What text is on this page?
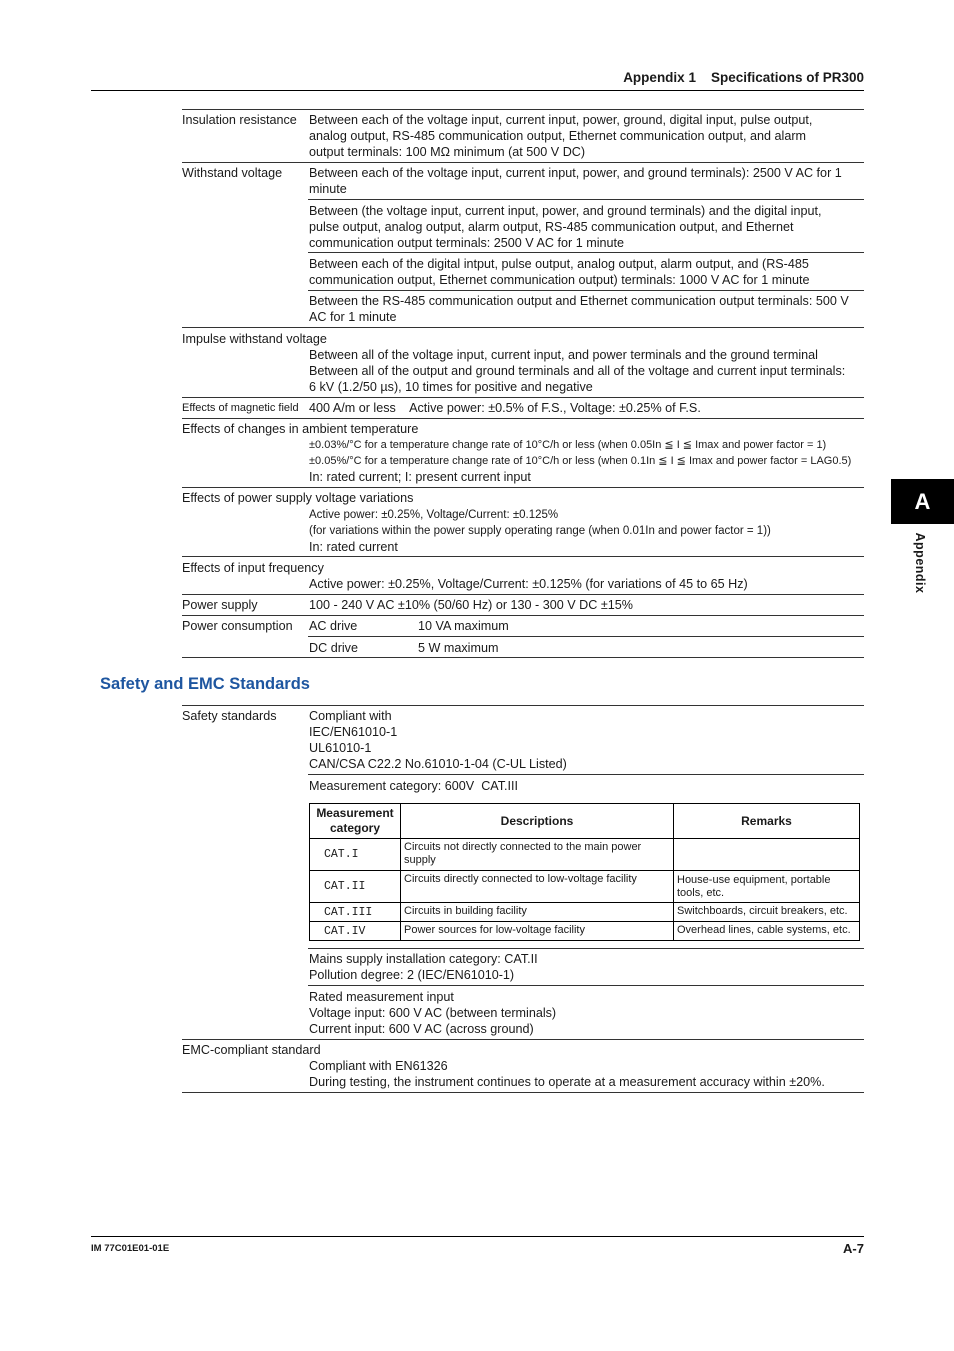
Appendix 1    Specifications of PR300
A
Appendix
Insulation resistance Between each of the voltage input, current input, power, ground, digital input, pulse output,
analog output, RS-485 communication output, Ethernet communication output, and alarm
output terminals: 100 MΩ minimum (at 500 V DC)
Withstand voltage Between each of the voltage input, current input, power, and ground terminals): 2500 V AC for 1
minute
Between (the voltage input, current input, power, and ground terminals) and the digital input,
pulse output, analog output, alarm output, RS-485 communication output, and Ethernet
communication output terminals: 2500 V AC for 1 minute
Between each of the digital intput, pulse output, analog output, alarm output, and (RS-485
communication output, Ethernet communication output) terminals: 1000 V AC for 1 minute
Between the RS-485 communication output and Ethernet communication output terminals: 500 V
AC for 1 minute
Impulse withstand voltage
Between all of the voltage input, current input, and power terminals and the ground terminal
Between all of the output and ground terminals and all of the voltage and current input terminals:
6 kV (1.2/50 µs), 10 times for positive and negative
Effects of magnetic field 400 A/m or less    Active power: ±0.5% of F.S., Voltage: ±0.25% of F.S.
Effects of changes in ambient temperature
±0.03%/°C for a temperature change rate of 10°C/h or less (when 0.05In ≦ I ≦ Imax and power factor = 1)
±0.05%/°C for a temperature change rate of 10°C/h or less (when 0.1In ≦ I ≦ Imax and power factor = LAG0.5)
In: rated current; I: present current input
Effects of power supply voltage variations
Active power: ±0.25%, Voltage/Current: ±0.125%
(for variations within the power supply operating range (when 0.01In and power factor = 1))
In: rated current
Effects of input frequency
Active power: ±0.25%, Voltage/Current: ±0.125% (for variations of 45 to 65 Hz)
Power supply	100 - 240 V AC ±10% (50/60 Hz) or 130 - 300 V DC ±15%
Power consumption AC drive	10 VA maximum
DC drive	5 W maximum
Safety and EMC Standards
Safety standards	Compliant with
IEC/EN61010-1
UL61010-1
CAN/CSA C22.2 No.61010-1-04 (C-UL Listed)
Measurement category: 600V  CAT.III
Measurement category	Descriptions	Remarks
CAT.I	Circuits not directly connected to the main power supply	
CAT.II	Circuits directly connected to low-voltage facility	House-use equipment, portable tools, etc.
CAT.III	Circuits in building facility	Switchboards, circuit breakers, etc.
CAT.IV	Power sources for low-voltage facility	Overhead lines, cable systems, etc.
Mains supply installation category: CAT.II
Pollution degree: 2 (IEC/EN61010-1)
Rated measurement input
Voltage input: 600 V AC (between terminals)
Current input: 600 V AC (across ground)
EMC-compliant standard
Compliant with EN61326
During testing, the instrument continues to operate at a measurement accuracy within ±20%.
IM 77C01E01-01E	A-7
